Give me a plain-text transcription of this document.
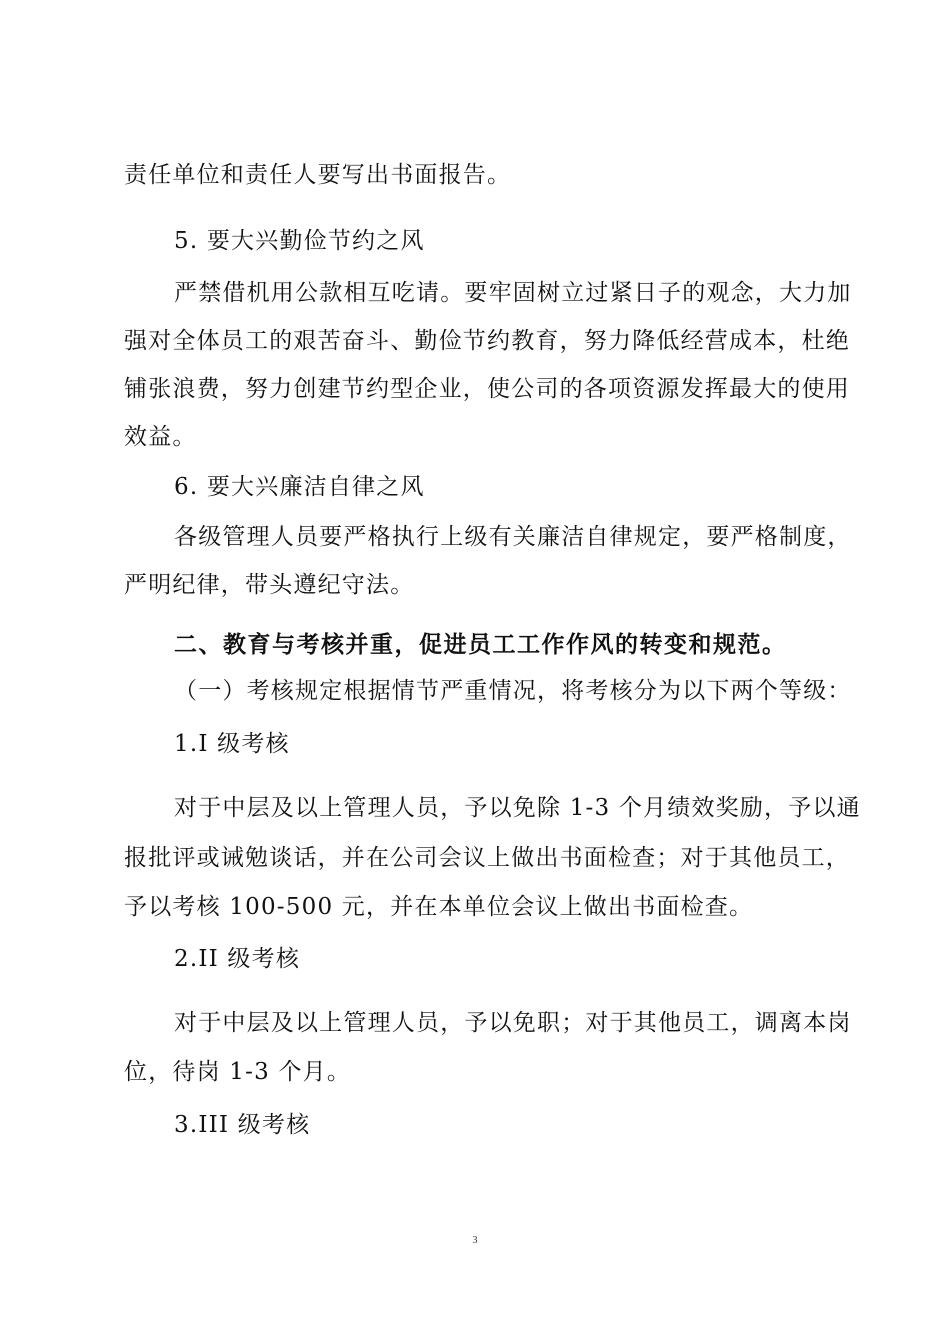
责任单位和责任人要写出书面报告。
5. 要大兴勤俭节约之风
严禁借机用公款相互吃请。要牢固树立过紧日子的观念，大力加
强对全体员工的艰苦奋斗、勤俭节约教育，努力降低经营成本，杜绝
铺张浪费，努力创建节约型企业，使公司的各项资源发挥最大的使用
效益。
6. 要大兴廉洁自律之风
各级管理人员要严格执行上级有关廉洁自律规定，要严格制度，
严明纪律，带头遵纪守法。
二、教育与考核并重，促进员工工作作风的转变和规范。
（一）考核规定根据情节严重情况，将考核分为以下两个等级：
1.I 级考核
对于中层及以上管理人员，予以免除 1-3 个月绩效奖励，予以通
报批评或诫勉谈话，并在公司会议上做出书面检查；对于其他员工，
予以考核 100-500 元，并在本单位会议上做出书面检查。
2.II 级考核
对于中层及以上管理人员，予以免职；对于其他员工，调离本岗
位，待岗 1-3 个月。
3.III 级考核
3
